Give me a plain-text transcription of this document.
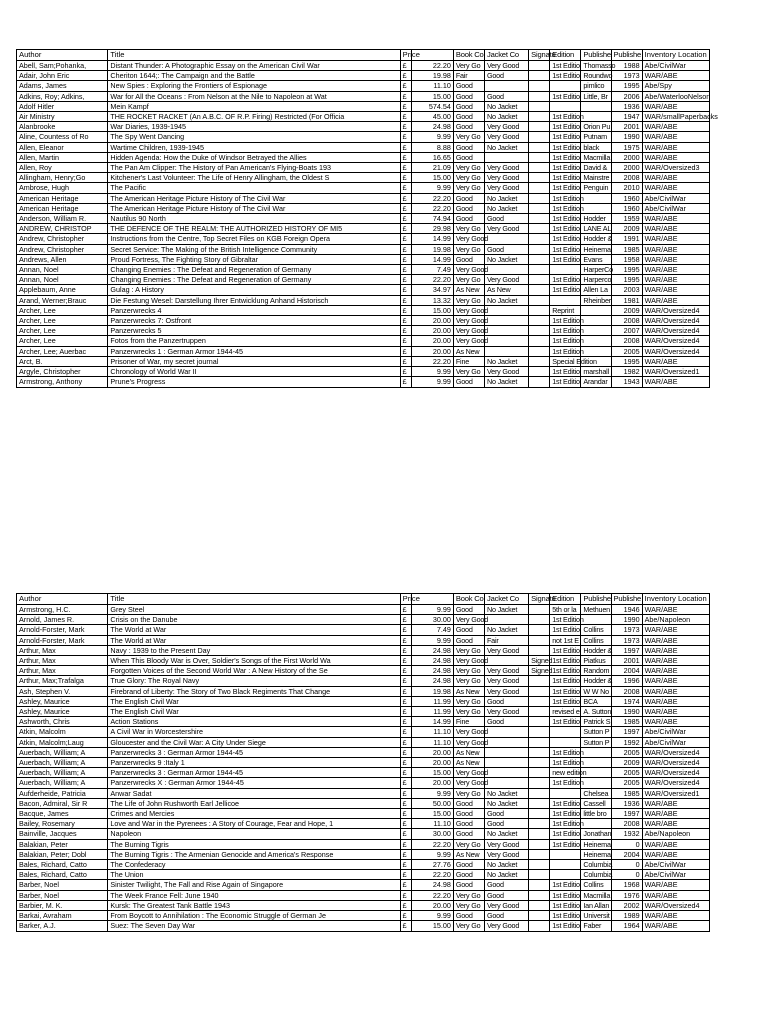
Author	Title	Price		Book Co	Jacket Co	Signatu	Edition	Publishe	Publishe	Inventory Location
Abell, Sam;Pohanka,	Distant Thunder: A Photographic Essay on the American Civil War	£	22.20	Very Go	Very Good		1st Editio	Thomasso	1988	Abe/CivilWar
Adair, John Eric	Cheriton 1644;: The Campaign and the Battle	£	19.98	Fair	Good		1st Editio	Roundwo	1973	WAR/ABE
Adams, James	New Spies : Exploring the Frontiers of Espionage	£	11.10	Good				pimlico	1995	Abe/Spy
Adkins, Roy; Adkins,	War for All the Oceans : From Nelson at the Nile to Napoleon at Wat	£	15.00	Good	Good		1st Editio	Little, Br	2006	Abe/WaterlooNelson
Adolf Hitler	Mein Kampf	£	574.54	Good	No Jacket				1936	WAR/ABE
Air Ministry	THE ROCKET RACKET (An A.B.C. OF R.P. Firing) Restricted (For Officia	£	45.00	Good	No Jacket		1st Edition		1947	WAR/smallPaperbacks
Alanbrooke	War Diaries, 1939-1945	£	24.98	Good	Very Good		1st Editio	Orion Pu	2001	WAR/ABE
Aline, Countess of Ro	The Spy Went Dancing	£	9.99	Very Go	Very Good		1st Editio	Putnam	1990	WAR/ABE
Allen, Eleanor	Wartime Children, 1939-1945	£	8.88	Good	No Jacket		1st Editio	black	1975	WAR/ABE
Allen, Martin	Hidden Agenda: How the Duke of Windsor Betrayed the Allies	£	16.65	Good			1st Editio	Macmilla	2000	WAR/ABE
Allen, Roy	The Pan Am Clipper: The History of Pan American's Flying-Boats 193	£	21.09	Very Go	Very Good		1st Editio	David &	2000	WAR/Oversized3
Allingham, Henry;Go	Kitchener's Last Volunteer: The Life of Henry Allingham, the Oldest S	£	15.00	Very Go	Very Good		1st Editio	Mainstre	2008	WAR/ABE
Ambrose, Hugh	The Pacific	£	9.99	Very Go	Very Good		1st Editio	Penguin	2010	WAR/ABE
American Heritage	The American Heritage Picture History of The Civil War	£	22.20	Good	No Jacket		1st Edition		1960	Abe/CivilWar
American Heritage	The American Heritage Picture History of The Civil War	£	22.20	Good	No Jacket		1st Edition		1960	Abe/CivilWar
Anderson, William R.	Nautilus 90 North	£	74.94	Good	Good		1st Editio	Hodder	1959	WAR/ABE
ANDREW, CHRISTOP	THE DEFENCE OF THE REALM: THE AUTHORIZED HISTORY OF MI5	£	29.98	Very Go	Very Good		1st Editio	LANE AL	2009	WAR/ABE
Andrew, Christopher	Instructions from the Centre, Top Secret Files on KGB Foreign Opera	£	14.99	Very Good			1st Editio	Hodder &	1991	WAR/ABE
Andrew, Christopher	Secret Service: The Making of the British Intelligence Community	£	19.98	Very Go	Good		1st Editio	Heinema	1985	WAR/ABE
Andrews, Allen	Proud Fortress, The Fighting Story of Gibraltar	£	14.99	Good	No Jacket		1st Editio	Evans	1958	WAR/ABE
Annan, Noel	Changing Enemies : The Defeat and Regeneration of Germany	£	7.49	Very Good				HarperCo	1995	WAR/ABE
Annan, Noel	Changing Enemies : The Defeat and Regeneration of Germany	£	22.20	Very Go	Very Good		1st Editio	Harperco	1995	WAR/ABE
Applebaum, Anne	Gulag : A History	£	34.97	As New	As New		1st Editio	Allen La	2003	WAR/ABE
Arand, Werner;Brauc	Die Festung Wesel: Darstellung Ihrer Entwicklung Anhand Historisch	£	13.32	Very Go	No Jacket			Rheinber	1981	WAR/ABE
Archer, Lee	Panzerwrecks 4	£	15.00	Very Good			Reprint		2009	WAR/Oversized4
Archer, Lee	Panzerwrecks 7: Ostfront	£	20.00	Very Good			1st Edition		2008	WAR/Oversized4
Archer, Lee	Panzerwrecks 5	£	20.00	Very Good			1st Edition		2007	WAR/Oversized4
Archer, Lee	Fotos from the Panzertruppen	£	20.00	Very Good			1st Edition		2008	WAR/Oversized4
Archer, Lee; Auerbac	Panzerwrecks 1 : German Armor 1944-45	£	20.00	As New			1st Edition		2005	WAR/Oversized4
Arct, B.	Prisoner of War, my secret journal	£	22.20	Fine	No Jacket		Special Edition		1995	WAR/ABE
Argyle, Christopher	Chronology of World War II	£	9.99	Very Go	Very Good		1st Editio	marshall	1982	WAR/Oversized1
Armstrong, Anthony	Prune's Progress	£	9.99	Good	No Jacket		1st Editio	Arandar	1943	WAR/ABE
Author	Title	Price		Book Co	Jacket Co	Signatu	Edition	Publishe	Publishe	Inventory Location
Armstrong, H.C.	Grey Steel	£	9.99	Good	No Jacket		5th or la	Methuen	1946	WAR/ABE
Arnold, James R.	Crisis on the Danube	£	30.00	Very Good			1st Edition		1990	Abe/Napoleon
Arnold-Forster, Mark	The World at War	£	7.49	Good	No Jacket		1st Editio	Collins	1973	WAR/ABE
Arnold-Forster, Mark	The World at War	£	9.99	Good	Fair		not 1st E	Collins	1973	WAR/ABE
Arthur, Max	Navy : 1939 to the Present Day	£	24.98	Very Go	Very Good		1st Editio	Hodder &	1997	WAR/ABE
Arthur, Max	When This Bloody War is Over, Soldier's Songs of the First World Wa	£	24.98	Very Good		Signed	1st Editio	Piatkus	2001	WAR/ABE
Arthur, Max	Forgotten Voices of the Second World War : A New History of the Se	£	24.98	Very Go	Very Good	Signed	1st Editio	Random	2004	WAR/ABE
Arthur, Max;Trafalga	True Glory: The Royal Navy	£	24.98	Very Go	Very Good		1st Editio	Hodder &	1996	WAR/ABE
Ash, Stephen V.	Firebrand of Liberty: The Story of Two Black Regiments That Change	£	19.98	As New	Very Good		1st Editio	W W No	2008	WAR/ABE
Ashley, Maurice	The English Civil War	£	11.99	Very Go	Good		1st Editio	BCA	1974	WAR/ABE
Ashley, Maurice	The English Civil War	£	11.99	Very Go	Very Good		revised e	A. Sutton	1990	WAR/ABE
Ashworth, Chris	Action Stations	£	14.99	Fine	Good		1st Editio	Patrick S	1985	WAR/ABE
Atkin, Malcolm	A Civil War in Worcestershire	£	11.10	Very Good				Sutton P	1997	Abe/CivilWar
Atkin, Malcolm;Laug	Gloucester and the Civil War: A City Under Siege	£	11.10	Very Good				Sutton P	1992	Abe/CivilWar
Auerbach, William; A	Panzerwrecks 3 : German Armor 1944-45	£	20.00	As New			1st Edition		2005	WAR/Oversized4
Auerbach, William; A	Panzerwrecks 9 :Italy 1	£	20.00	As New			1st Edition		2009	WAR/Oversized4
Auerbach, William; A	Panzerwrecks 3 : German Armor 1944-45	£	15.00	Very Good			new edition		2005	WAR/Oversized4
Auerbach, William; A	Panzerwrecks X : German Armor 1944-45	£	20.00	Very Good			1st Edition		2005	WAR/Oversized4
Aufderheide, Patricia	Anwar Sadat	£	9.99	Very Go	No Jacket			Chelsea	1985	WAR/Oversized1
Bacon, Admiral, Sir R	The Life of John Rushworth Earl Jellicoe	£	50.00	Good	No Jacket		1st Editio	Cassell	1936	WAR/ABE
Bacque, James	Crimes and Mercies	£	15.00	Good	Good		1st Editio	little bro	1997	WAR/ABE
Bailey, Rosemary	Love and War in the Pyrenees : A Story of Courage, Fear and Hope, 1	£	11.10	Good	Good		1st Edition		2008	WAR/ABE
Bainville, Jacques	Napoleon	£	30.00	Good	No Jacket		1st Editio	Jonathan	1932	Abe/Napoleon
Balakian, Peter	The Burning Tigris	£	22.20	Very Go	Very Good		1st Editio	Heinema	0	WAR/ABE
Balakian, Peter; Dobl	The Burning Tigris : The Armenian Genocide and America's Response	£	9.99	As New	Very Good			Heinema	2004	WAR/ABE
Bales, Richard, Catto	The Confederacy	£	27.76	Good	No Jacket			Columbia	0	Abe/CivilWar
Bales, Richard, Catto	The Union	£	22.20	Good	No Jacket			Columbia	0	Abe/CivilWar
Barber, Noel	Sinister Twilight, The Fall and Rise Again of Singapore	£	24.98	Good	Good		1st Editio	Collins	1968	WAR/ABE
Barber, Noel	The Week France Fell: June 1940	£	22.20	Very Go	Good		1st Editio	Macmilla	1976	WAR/ABE
Barbier, M. K.	Kursk: The Greatest Tank Battle 1943	£	20.00	Very Go	Very Good		1st Editio	Ian Allan	2002	WAR/Oversized4
Barkai, Avraham	From Boycott to Annihilation : The Economic Struggle of German Je	£	9.99	Good	Good		1st Editio	Universit	1989	WAR/ABE
Barker, A.J.	Suez: The Seven Day War	£	15.00	Very Go	Very Good		1st Editio	Faber	1964	WAR/ABE
